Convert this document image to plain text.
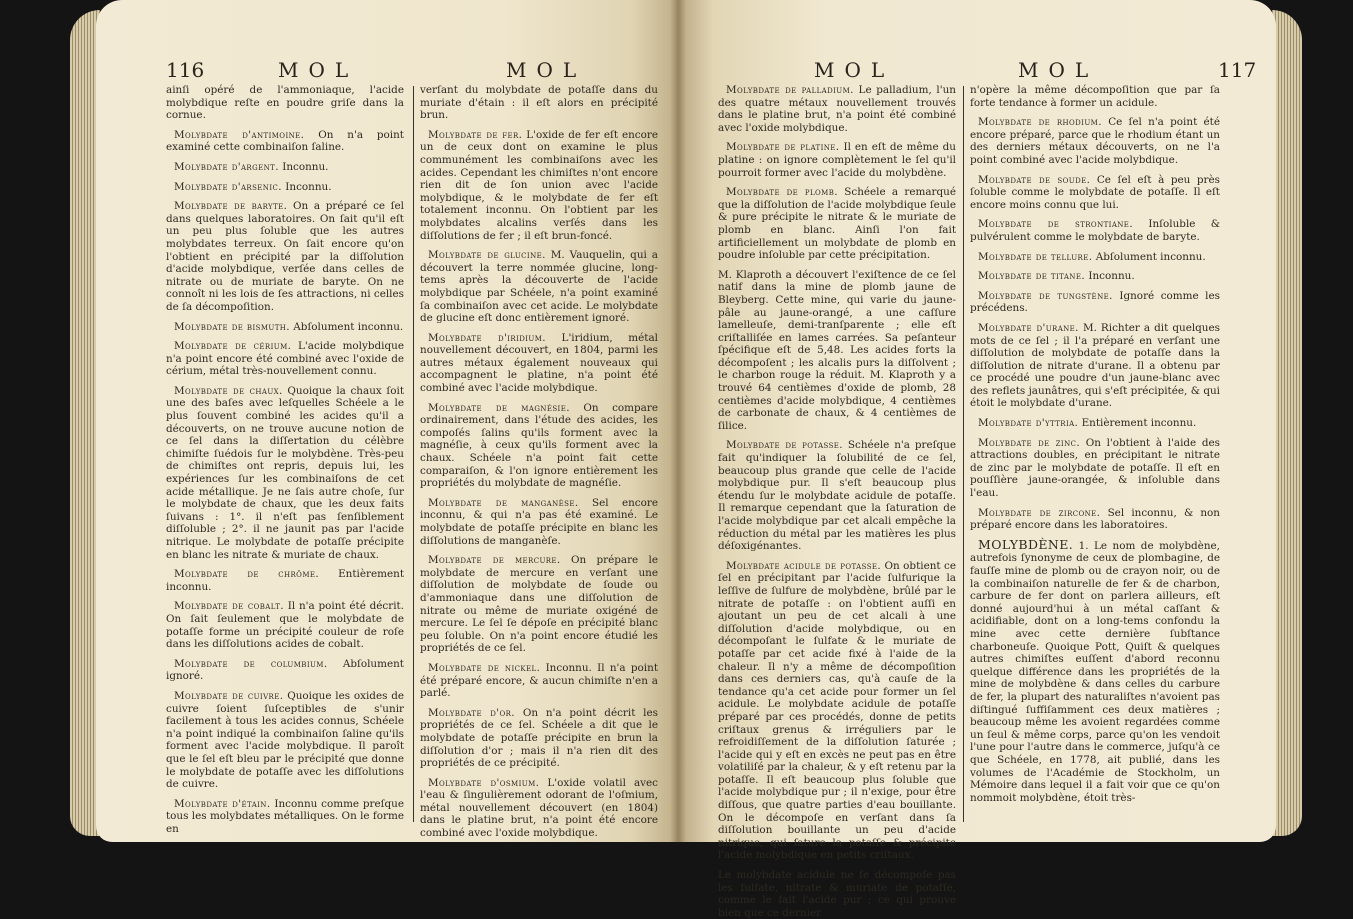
116	MOL	MOL

ainſi opéré de l'ammoniaque, l'acide molybdique reſte en poudre griſe dans la cornue.

Molybdate d'antimoine. On n'a point examiné cette combinaiſon ſaline.

Molybdate d'argent. Inconnu.

Molybdate d'arsenic. Inconnu.

Molybdate de baryte. On a préparé ce ſel dans quelques laboratoires. On ſait qu'il eſt un peu plus ſoluble que les autres molybdates terreux. On ſait encore qu'on l'obtient en précipité par la diſſolution d'acide molybdique, verſée dans celles de nitrate ou de muriate de baryte. On ne connoît ni les lois de ſes attractions, ni celles de ſa décompoſition.

Molybdate de bismuth. Abſolument inconnu.

Molybdate de cérium. L'acide molybdique n'a point encore été combiné avec l'oxide de cérium, métal très-nouvellement connu.

Molybdate de chaux. Quoique la chaux ſoit une des baſes avec leſquelles Schéele a le plus ſouvent combiné les acides qu'il a découverts, on ne trouve aucune notion de ce ſel dans la diſſertation du célèbre chimiſte ſuédois ſur le molybdène. Très-peu de chimiſtes ont repris, depuis lui, les expériences ſur les combinaiſons de cet acide métallique. Je ne ſais autre choſe, ſur le molybdate de chaux, que les deux faits ſuivans : 1°. il n'eſt pas ſenſiblement diſſoluble ; 2°. il ne jaunit pas par l'acide nitrique. Le molybdate de potaſſe précipite en blanc les nitrate & muriate de chaux.

Molybdate de chrôme. Entièrement inconnu.

Molybdate de cobalt. Il n'a point été décrit. On ſait ſeulement que le molybdate de potaſſe forme un précipité couleur de roſe dans les diſſolutions acides de cobalt.

Molybdate de columbium. Abſolument ignoré.

Molybdate de cuivre. Quoique les oxides de cuivre ſoient ſuſceptibles de s'unir facilement à tous les acides connus, Schéele n'a point indiqué la combinaiſon ſaline qu'ils forment avec l'acide molybdique. Il paroît que le ſel eſt bleu par le précipité que donne le molybdate de potaſſe avec les diſſolutions de cuivre.

Molybdate d'étain. Inconnu comme preſque tous les molybdates métalliques. On le forme en

verſant du molybdate de potaſſe dans du muriate d'étain : il eſt alors en précipité brun.

Molybdate de fer. L'oxide de fer eſt encore un de ceux dont on examine le plus communément les combinaiſons avec les acides. Cependant les chimiſtes n'ont encore rien dit de ſon union avec l'acide molybdique, & le molybdate de fer eſt totalement inconnu. On l'obtient par les molybdates alcalins verſés dans les diſſolutions de fer ; il eſt brun-foncé.

Molybdate de glucine. M. Vauquelin, qui a découvert la terre nommée glucine, long-tems après la découverte de l'acide molybdique par Schéele, n'a point examiné ſa combinaiſon avec cet acide. Le molybdate de glucine eſt donc entièrement ignoré.

Molybdate d'iridium. L'iridium, métal nouvellement découvert, en 1804, parmi les autres métaux également nouveaux qui accompagnent le platine, n'a point été combiné avec l'acide molybdique.

Molybdate de magnésie. On compare ordinairement, dans l'étude des acides, les compoſés ſalins qu'ils forment avec la magnéſie, à ceux qu'ils forment avec la chaux. Schéele n'a point fait cette comparaiſon, & l'on ignore entièrement les propriétés du molybdate de magnéſie.

Molybdate de manganèse. Sel encore inconnu, & qui n'a pas été examiné. Le molybdate de potaſſe précipite en blanc les diſſolutions de manganèſe.

Molybdate de mercure. On prépare le molybdate de mercure en verſant une diſſolution de molybdate de ſoude ou d'ammoniaque dans une diſſolution de nitrate ou même de muriate oxigéné de mercure. Le ſel ſe dépoſe en précipité blanc peu ſoluble. On n'a point encore étudié les propriétés de ce ſel.

Molybdate de nickel. Inconnu. Il n'a point été préparé encore, & aucun chimiſte n'en a parlé.

Molybdate d'or. On n'a point décrit les propriétés de ce ſel. Schéele a dit que le molybdate de potaſſe précipite en brun la diſſolution d'or ; mais il n'a rien dit des propriétés de ce précipité.

Molybdate d'osmium. L'oxide volatil avec l'eau & ſingulièrement odorant de l'oſmium, métal nouvellement découvert (en 1804) dans le platine brut, n'a point été encore combiné avec l'oxide molybdique.

MOL	MOL	117

Molybdate de palladium. Le palladium, l'un des quatre métaux nouvellement trouvés dans le platine brut, n'a point été combiné avec l'oxide molybdique.

Molybdate de platine. Il en eſt de même du platine : on ignore complètement le ſel qu'il pourroit former avec l'acide du molybdène.

Molybdate de plomb. Schéele a remarqué que la diſſolution de l'acide molybdique ſeule & pure précipite le nitrate & le muriate de plomb en blanc. Ainſi l'on fait artificiellement un molybdate de plomb en poudre inſoluble par cette précipitation.

M. Klaproth a découvert l'exiſtence de ce ſel natif dans la mine de plomb jaune de Bleyberg. Cette mine, qui varie du jaune-pâle au jaune-orangé, a une caſſure lamelleuſe, demi-tranſparente ; elle eſt criſtalliſée en lames carrées. Sa peſanteur ſpécifique eſt de 5,48. Les acides forts la décompoſent ; les alcalis purs la diſſolvent ; le charbon rouge la réduit. M. Klaproth y a trouvé 64 centièmes d'oxide de plomb, 28 centièmes d'acide molybdique, 4 centièmes de carbonate de chaux, & 4 centièmes de ſilice.

Molybdate de potasse. Schéele n'a preſque fait qu'indiquer la ſolubilité de ce ſel, beaucoup plus grande que celle de l'acide molybdique pur. Il s'eſt beaucoup plus étendu ſur le molybdate acidule de potaſſe. Il remarque cependant que la ſaturation de l'acide molybdique par cet alcali empêche la réduction du métal par les matières les plus déſoxigénantes.

Molybdate acidule de potasse. On obtient ce ſel en précipitant par l'acide ſulfurique la leſſive de ſulfure de molybdène, brûlé par le nitrate de potaſſe : on l'obtient auſſi en ajoutant un peu de cet alcali à une diſſolution d'acide molybdique, ou en décompoſant le ſulfate & le muriate de potaſſe par cet acide fixé à l'aide de la chaleur. Il n'y a même de décompoſition dans ces derniers cas, qu'à cauſe de la tendance qu'a cet acide pour former un ſel acidule. Le molybdate acidule de potaſſe préparé par ces procédés, donne de petits criſtaux grenus & irréguliers par le refroidiſſement de la diſſolution ſaturée ; l'acide qui y eſt en excès ne peut pas en être volatiliſé par la chaleur, & y eſt retenu par la potaſſe. Il eſt beaucoup plus ſoluble que l'acide molybdique pur ; il n'exige, pour être diſſous, que quatre parties d'eau bouillante. On le décompoſe en verſant dans ſa diſſolution bouillante un peu d'acide nitrique, qui ſature la potaſſe & précipite l'acide molybdique en petits criſtaux.

Le molybdate acidule ne ſe décompoſe pas les ſulfate, nitrate & muriate de potaſſe, comme le fait l'acide pur ; ce qui prouve bien que ce dernier

n'opère la même décompoſition que par ſa forte tendance à former un acidule.

Molybdate de rhodium. Ce ſel n'a point été encore préparé, parce que le rhodium étant un des derniers métaux découverts, on ne l'a point combiné avec l'acide molybdique.

Molybdate de soude. Ce ſel eſt à peu près ſoluble comme le molybdate de potaſſe. Il eſt encore moins connu que lui.

Molybdate de strontiane. Inſoluble & pulvérulent comme le molybdate de baryte.

Molybdate de tellure. Abſolument inconnu.

Molybdate de titane. Inconnu.

Molybdate de tungstène. Ignoré comme les précédens.

Molybdate d'urane. M. Richter a dit quelques mots de ce ſel ; il l'a préparé en verſant une diſſolution de molybdate de potaſſe dans la diſſolution de nitrate d'urane. Il a obtenu par ce procédé une poudre d'un jaune-blanc avec des reflets jaunâtres, qui s'eſt précipitée, & qui étoit le molybdate d'urane.

Molybdate d'yttria. Entièrement inconnu.

Molybdate de zinc. On l'obtient à l'aide des attractions doubles, en précipitant le nitrate de zinc par le molybdate de potaſſe. Il eſt en pouſſière jaune-orangée, & inſoluble dans l'eau.

Molybdate de zircone. Sel inconnu, & non préparé encore dans les laboratoires.

MOLYBDÈNE. 1. Le nom de molybdène, autrefois ſynonyme de ceux de plombagine, de fauſſe mine de plomb ou de crayon noir, ou de la combinaiſon naturelle de fer & de charbon, carbure de fer dont on parlera ailleurs, eſt donné aujourd'hui à un métal caſſant & acidifiable, dont on a long-tems confondu la mine avec cette dernière ſubſtance charboneuſe. Quoique Pott, Quiſt & quelques autres chimiſtes euſſent d'abord reconnu quelque différence dans les propriétés de la mine de molybdène & dans celles du carbure de fer, la plupart des naturaliſtes n'avoient pas diſtingué ſuffiſamment ces deux matières ; beaucoup même les avoient regardées comme un ſeul & même corps, parce qu'on les vendoit l'une pour l'autre dans le commerce, juſqu'à ce que Schéele, en 1778, ait publié, dans les volumes de l'Académie de Stockholm, un Mémoire dans lequel il a fait voir que ce qu'on nommoit molybdène, étoit très-
